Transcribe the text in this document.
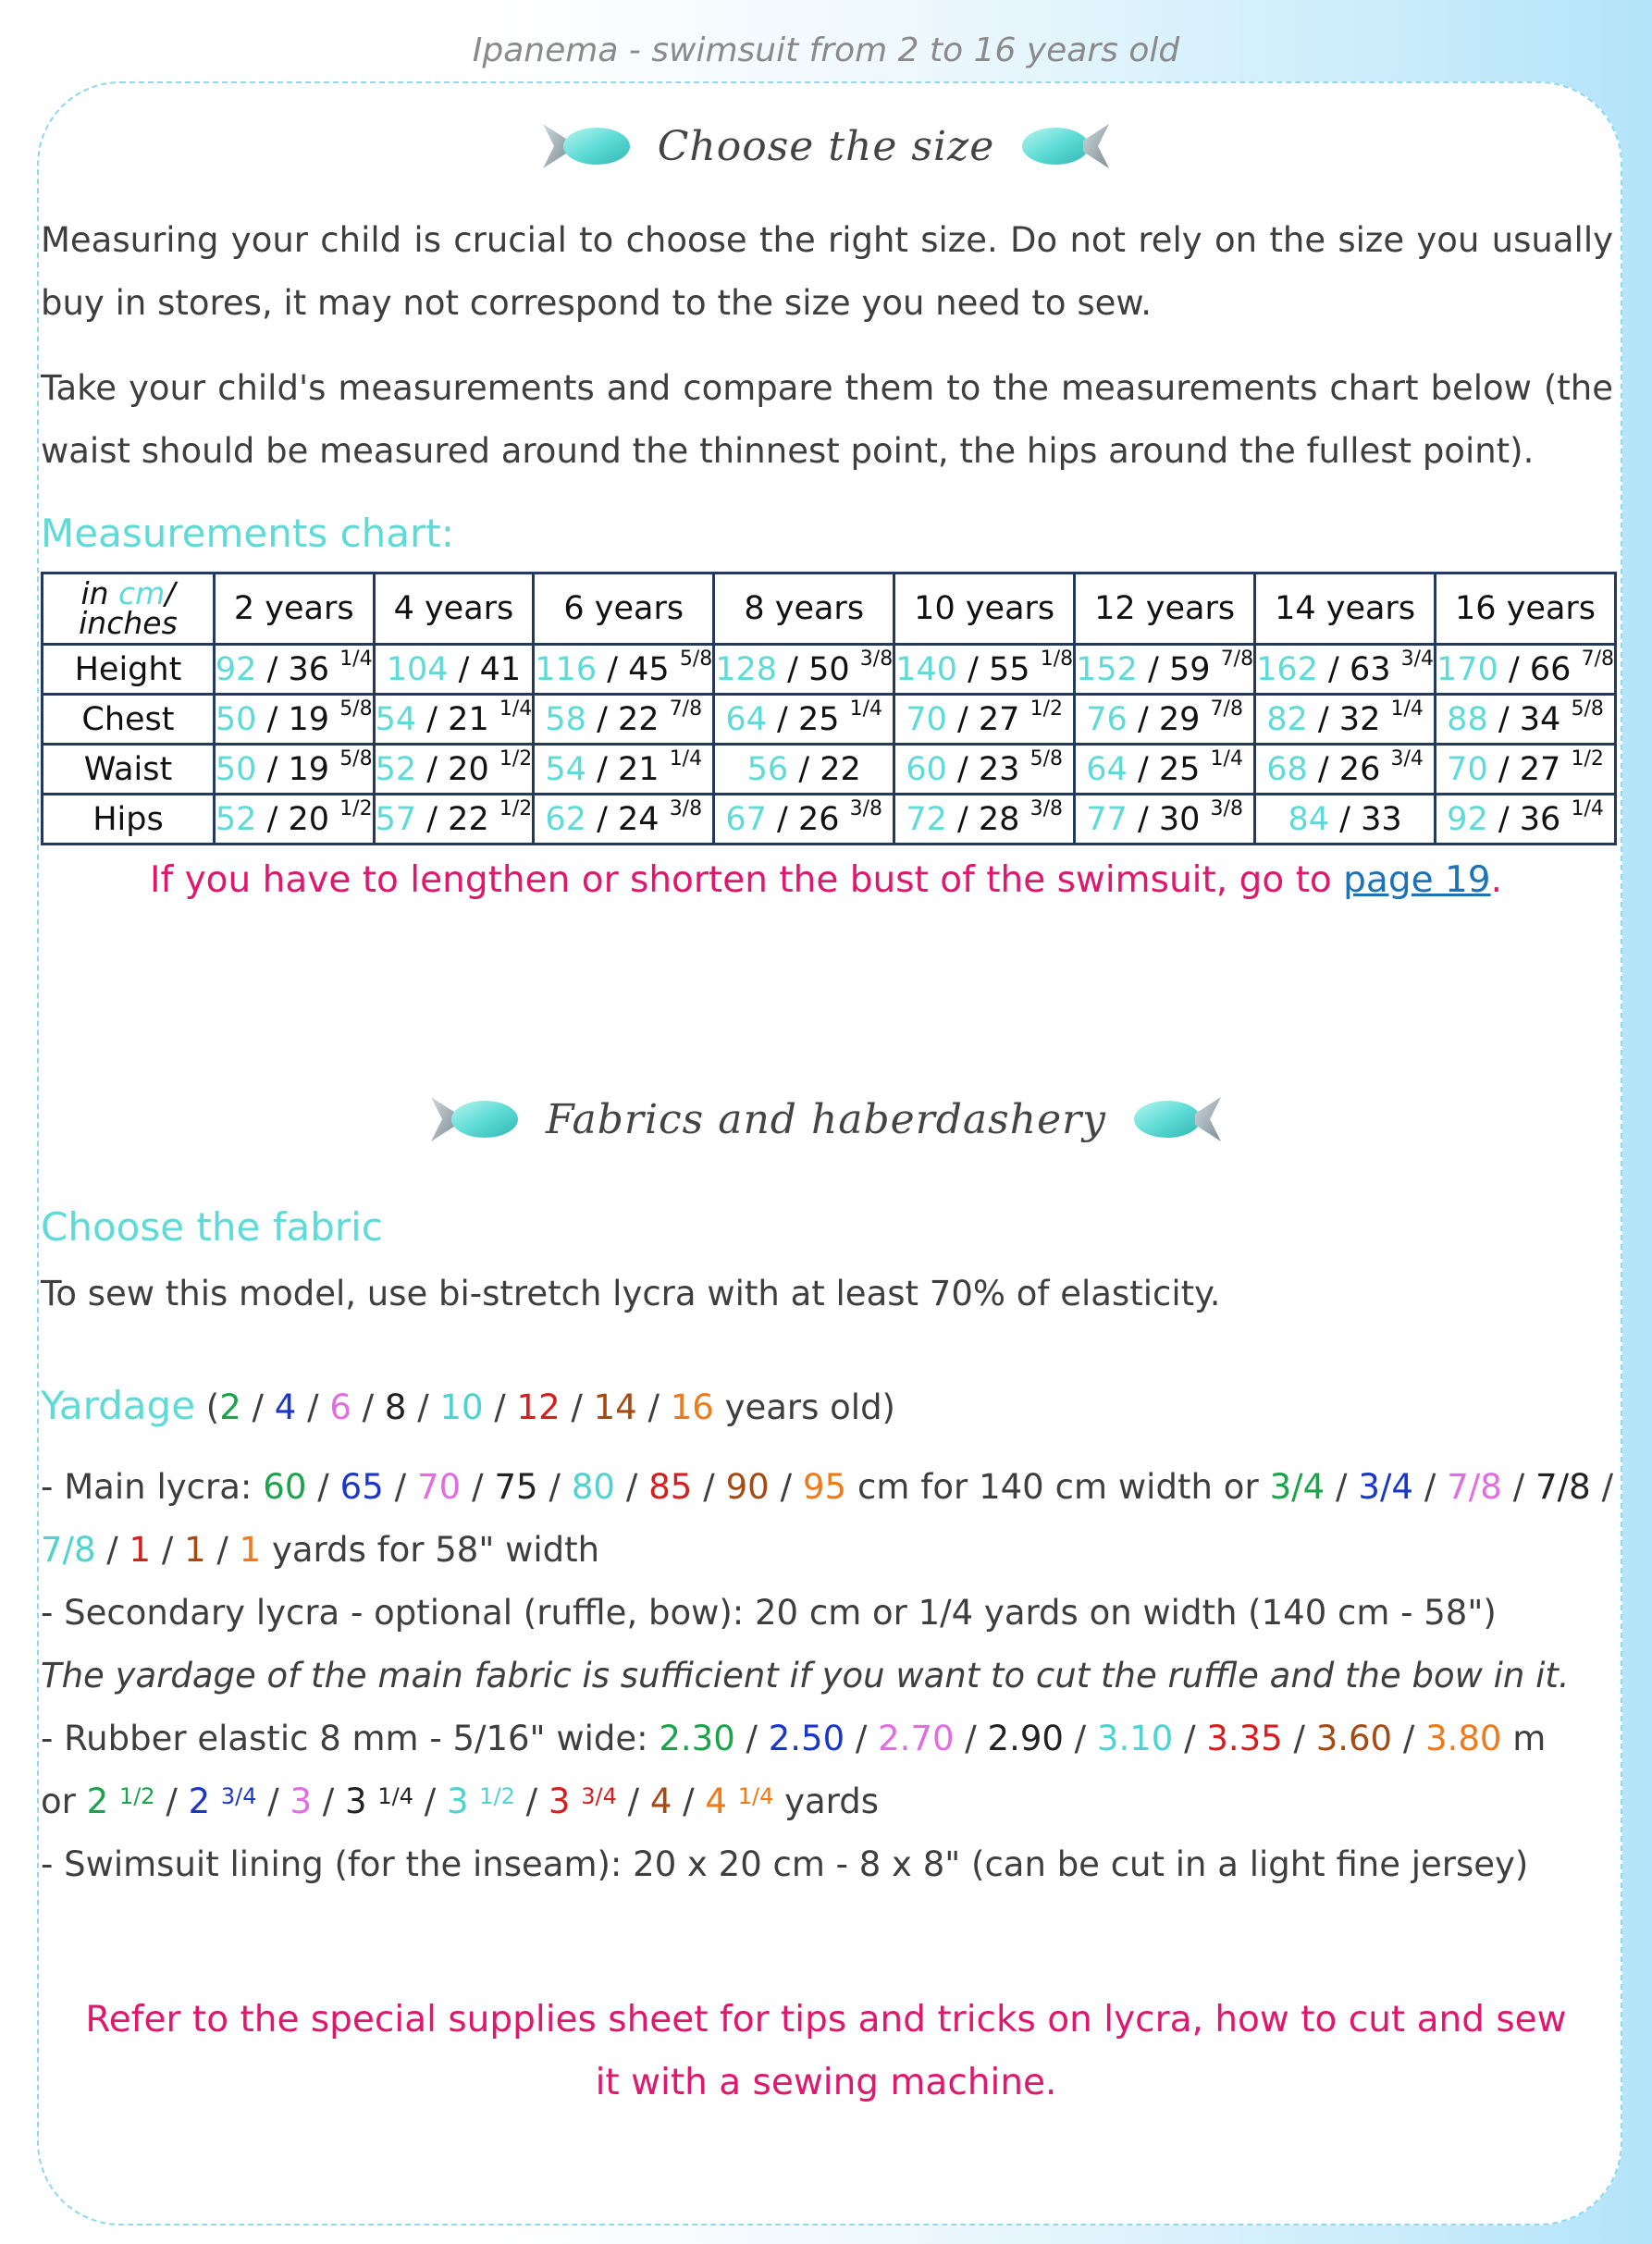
Ipanema - swimsuit from 2 to 16 years old
Choose the size
Measuring your child is crucial to choose the right size. Do not rely on the size you usually buy in stores, it may not correspond to the size you need to sew.
Take your child's measurements and compare them to the measurements chart below (the waist should be measured around the thinnest point, the hips around the fullest point).
Measurements chart:
in cm/
inches	2 years	4 years	6 years	8 years	10 years	12 years	14 years	16 years
Height	92 / 36 $^{1/4}$	104 / 41	116 / 45 $^{5/8}$	128 / 50 $^{3/8}$	140 / 55 $^{1/8}$	152 / 59 $^{7/8}$	162 / 63 $^{3/4}$	170 / 66 $^{7/8}$
Chest	50 / 19 $^{5/8}$	54 / 21 $^{1/4}$	58 / 22 $^{7/8}$	64 / 25 $^{1/4}$	70 / 27 $^{1/2}$	76 / 29 $^{7/8}$	82 / 32 $^{1/4}$	88 / 34 $^{5/8}$
Waist	50 / 19 $^{5/8}$	52 / 20 $^{1/2}$	54 / 21 $^{1/4}$	56 / 22	60 / 23 $^{5/8}$	64 / 25 $^{1/4}$	68 / 26 $^{3/4}$	70 / 27 $^{1/2}$
Hips	52 / 20 $^{1/2}$	57 / 22 $^{1/2}$	62 / 24 $^{3/8}$	67 / 26 $^{3/8}$	72 / 28 $^{3/8}$	77 / 30 $^{3/8}$	84 / 33	92 / 36 $^{1/4}$
If you have to lengthen or shorten the bust of the swimsuit, go to page 19.
Fabrics and haberdashery
Choose the fabric
To sew this model, use bi-stretch lycra with at least 70% of elasticity.
Yardage (2 / 4 / 6 / 8 / 10 / 12 / 14 / 16 years old)
- Main lycra: 60 / 65 / 70 / 75 / 80 / 85 / 90 / 95 cm for 140 cm width or 3/4 / 3/4 / 7/8 / 7/8 / 7/8 / 1 / 1 / 1 yards for 58" width
- Secondary lycra - optional (ruffle, bow): 20 cm or 1/4 yards on width (140 cm - 58")
The yardage of the main fabric is sufficient if you want to cut the ruffle and the bow in it.
- Rubber elastic 8 mm - 5/16" wide: 2.30 / 2.50 / 2.70 / 2.90 / 3.10 / 3.35 / 3.60 / 3.80 m
or 2 $^{1/2}$ / 2 $^{3/4}$ / 3 / 3 $^{1/4}$ / 3 $^{1/2}$ / 3 $^{3/4}$ / 4 / 4 $^{1/4}$ yards
- Swimsuit lining (for the inseam): 20 x 20 cm - 8 x 8" (can be cut in a light fine jersey)
Refer to the special supplies sheet for tips and tricks on lycra, how to cut and sew it with a sewing machine.
